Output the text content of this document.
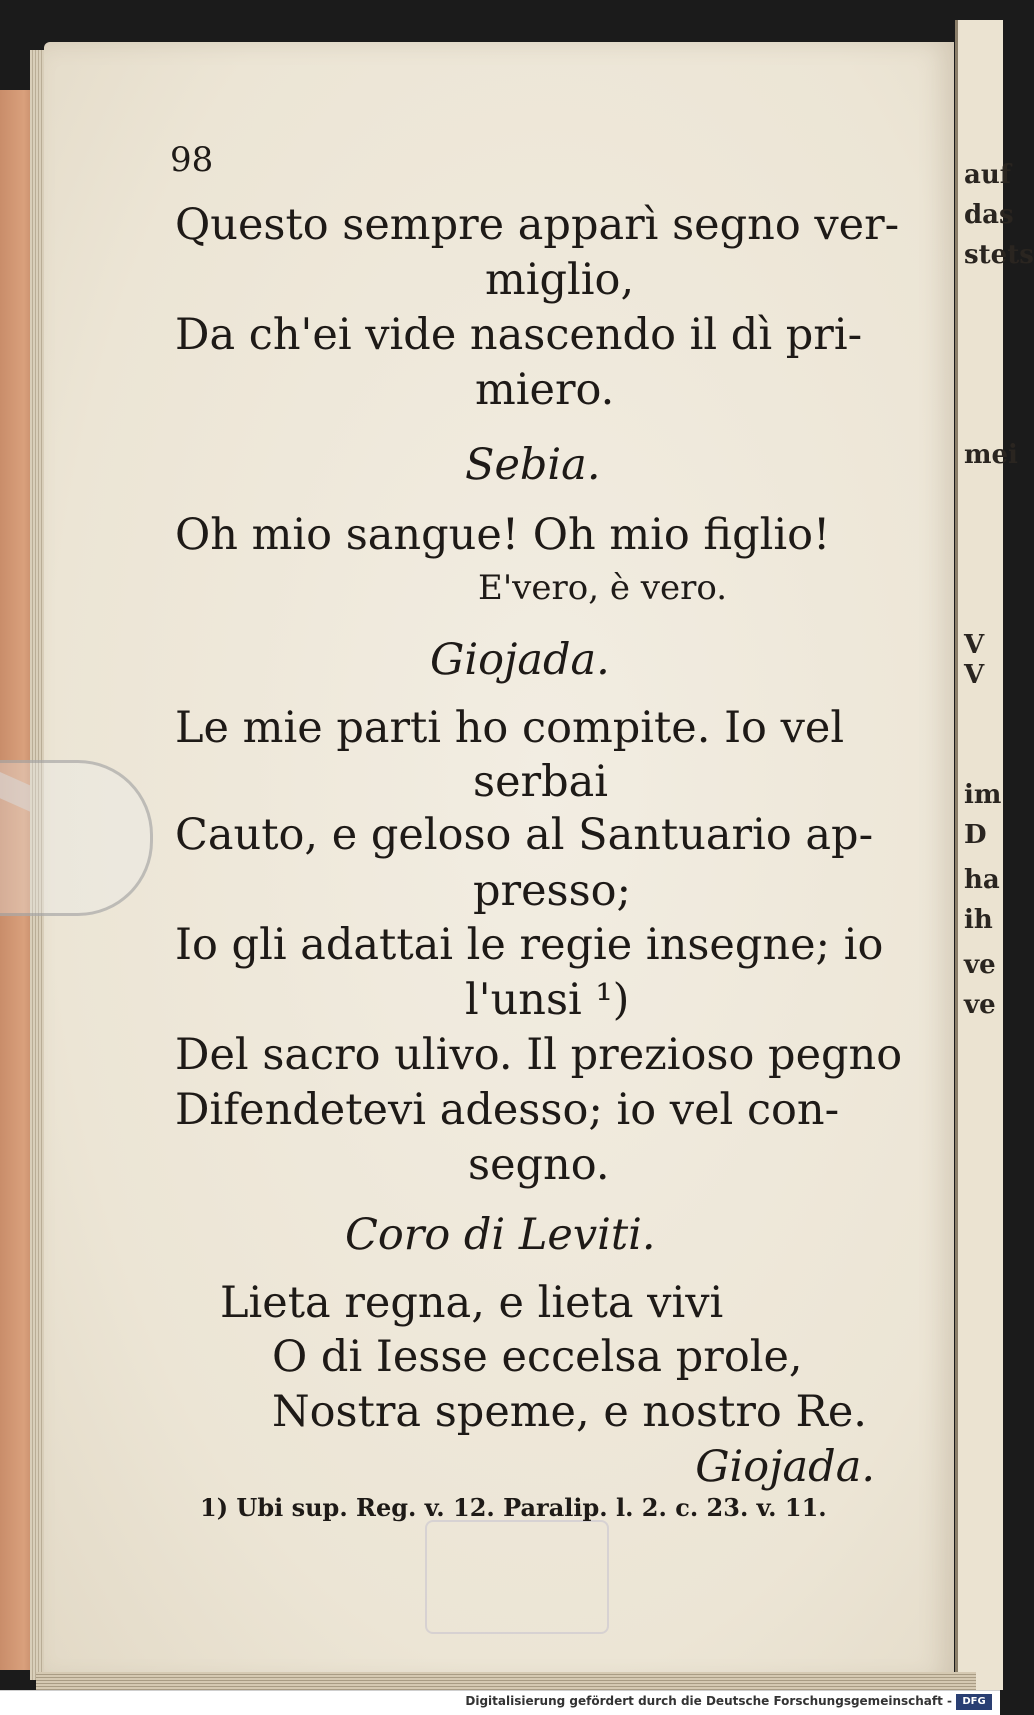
auf
das
stets
mei
V
V
im
D
ha
ih
ve
ve
98
Questo sempre apparì segno ver-
miglio,
Da ch'ei vide nascendo il dì pri-
miero.
Sebia.
Oh mio sangue! Oh mio figlio!
E'vero, è vero.
Giojada.
Le mie parti ho compite. Io vel
serbai
Cauto, e geloso al Santuario ap-
presso;
Io gli adattai le regie insegne; io
l'unsi ¹)
Del sacro ulivo. Il prezioso pegno
Difendetevi adesso; io vel con-
segno.
Coro di Leviti.
Lieta regna, e lieta vivi
O di Iesse eccelsa prole,
Nostra speme, e nostro Re.
Giojada.
1) Ubi sup. Reg. v. 12. Paralip. l. 2. c. 23. v. 11.
Digitalisierung gefördert durch die Deutsche Forschungsgemeinschaft -	DFG
